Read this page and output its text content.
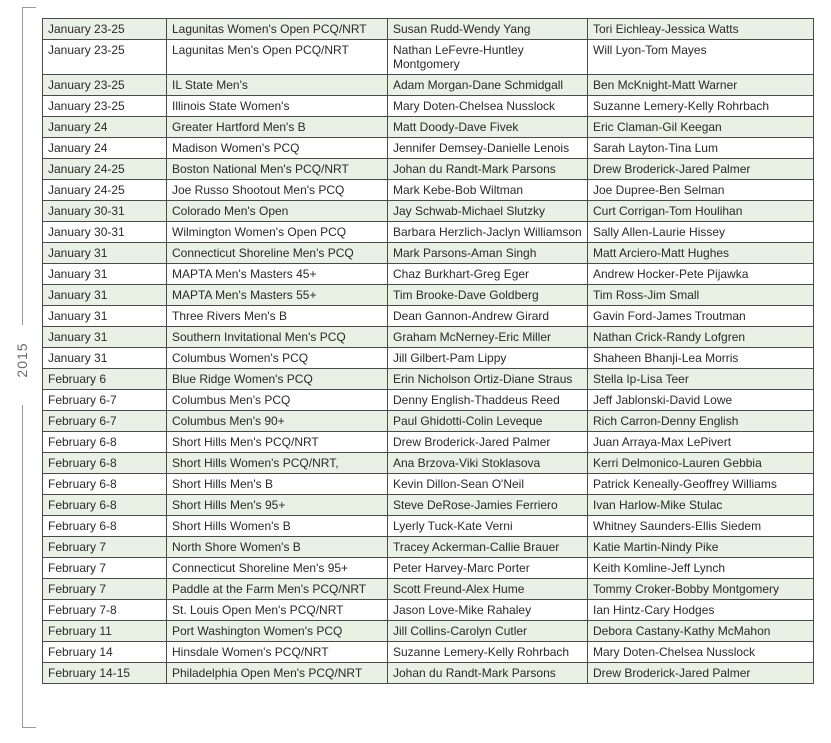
2015
January 23-25	Lagunitas Women's Open PCQ/NRT	Susan Rudd-Wendy Yang	Tori Eichleay-Jessica Watts
January 23-25	Lagunitas Men's Open PCQ/NRT	Nathan LeFevre-Huntley Montgomery	Will Lyon-Tom Mayes
January 23-25	IL State Men's	Adam Morgan-Dane Schmidgall	Ben McKnight-Matt Warner
January 23-25	Illinois State Women's	Mary Doten-Chelsea Nusslock	Suzanne Lemery-Kelly Rohrbach
January 24	Greater Hartford Men's B	Matt Doody-Dave Fivek	Eric Claman-Gil Keegan
January 24	Madison Women's PCQ	Jennifer Demsey-Danielle Lenois	Sarah Layton-Tina Lum
January 24-25	Boston National Men's PCQ/NRT	Johan du Randt-Mark Parsons	Drew Broderick-Jared Palmer
January 24-25	Joe Russo Shootout Men's PCQ	Mark Kebe-Bob Wiltman	Joe Dupree-Ben Selman
January 30-31	Colorado Men's Open	Jay Schwab-Michael Slutzky	Curt Corrigan-Tom Houlihan
January 30-31	Wilmington Women's Open PCQ	Barbara Herzlich-Jaclyn Williamson	Sally Allen-Laurie Hissey
January 31	Connecticut Shoreline Men's PCQ	Mark Parsons-Aman Singh	Matt Arciero-Matt Hughes
January 31	MAPTA Men's Masters 45+	Chaz Burkhart-Greg Eger	Andrew Hocker-Pete Pijawka
January 31	MAPTA Men's Masters 55+	Tim Brooke-Dave Goldberg	Tim Ross-Jim Small
January 31	Three Rivers Men's B	Dean Gannon-Andrew Girard	Gavin Ford-James Troutman
January 31	Southern Invitational Men's PCQ	Graham McNerney-Eric Miller	Nathan Crick-Randy Lofgren
January 31	Columbus Women's PCQ	Jill Gilbert-Pam Lippy	Shaheen Bhanji-Lea Morris
February 6	Blue Ridge Women's PCQ	Erin Nicholson Ortiz-Diane Straus	Stella Ip-Lisa Teer
February 6-7	Columbus Men's PCQ	Denny English-Thaddeus Reed	Jeff Jablonski-David Lowe
February 6-7	Columbus Men's 90+	Paul Ghidotti-Colin Leveque	Rich Carron-Denny English
February 6-8	Short Hills Men's PCQ/NRT	Drew Broderick-Jared Palmer	Juan Arraya-Max LePivert
February 6-8	Short Hills Women's PCQ/NRT,	Ana Brzova-Viki Stoklasova	Kerri Delmonico-Lauren Gebbia
February 6-8	Short Hills Men's B	Kevin Dillon-Sean O'Neil	Patrick Keneally-Geoffrey Williams
February 6-8	Short Hills Men's 95+	Steve DeRose-Jamies Ferriero	Ivan Harlow-Mike Stulac
February 6-8	Short Hills Women's B	Lyerly Tuck-Kate Verni	Whitney Saunders-Ellis Siedem
February 7	North Shore Women's B	Tracey Ackerman-Callie Brauer	Katie Martin-Nindy Pike
February 7	Connecticut Shoreline Men's 95+	Peter Harvey-Marc Porter	Keith Komline-Jeff Lynch
February 7	Paddle at the Farm Men's PCQ/NRT	Scott Freund-Alex Hume	Tommy Croker-Bobby Montgomery
February 7-8	St. Louis Open Men's PCQ/NRT	Jason Love-Mike Rahaley	Ian Hintz-Cary Hodges
February 11	Port Washington Women's PCQ	Jill Collins-Carolyn Cutler	Debora Castany-Kathy McMahon
February 14	Hinsdale Women's PCQ/NRT	Suzanne Lemery-Kelly Rohrbach	Mary Doten-Chelsea Nusslock
February 14-15	Philadelphia Open Men's PCQ/NRT	Johan du Randt-Mark Parsons	Drew Broderick-Jared Palmer
